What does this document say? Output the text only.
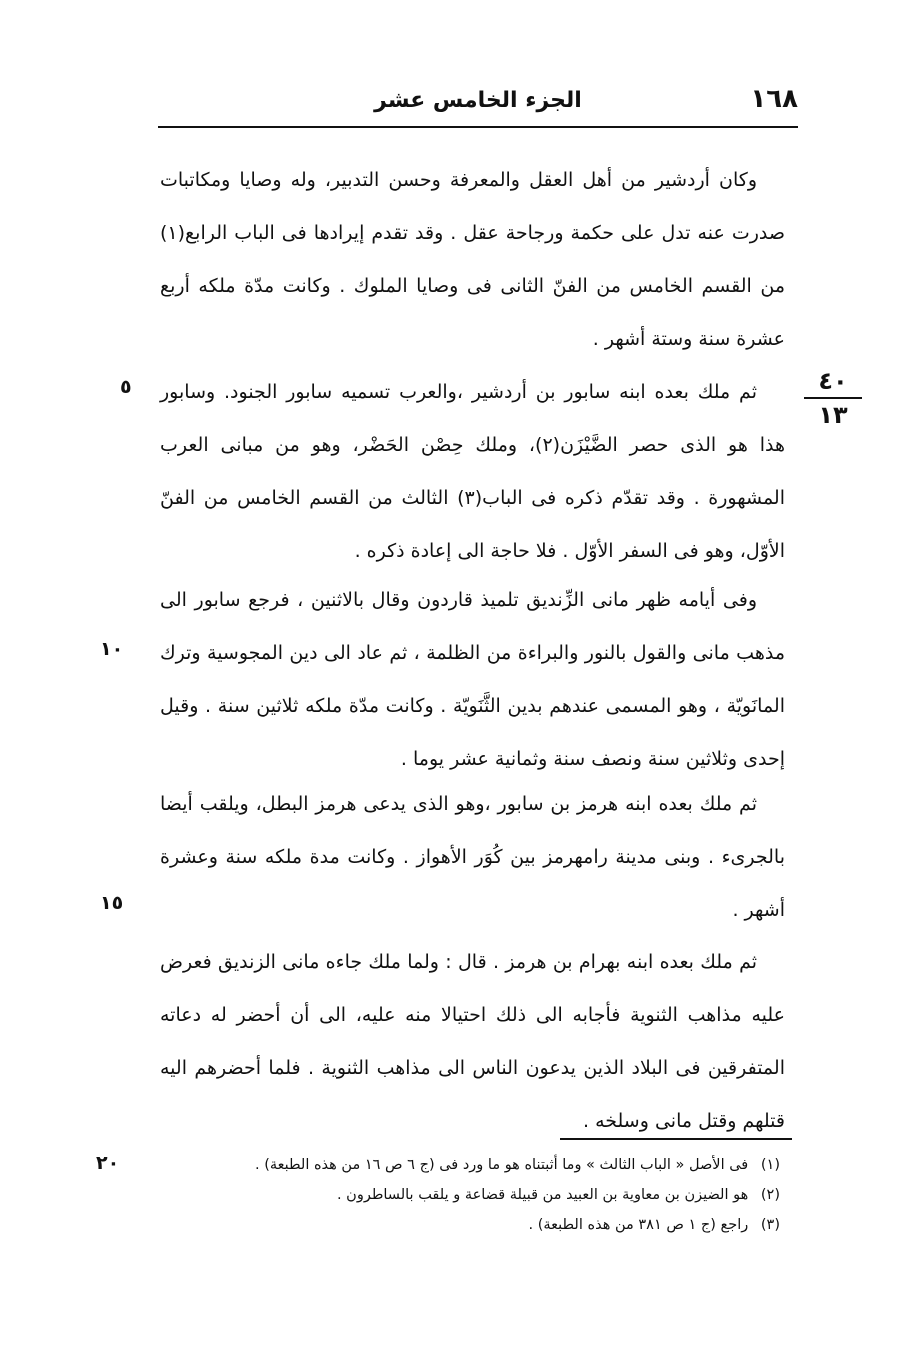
١٦٨
الجزء الخامس عشر
٤٠
١٣
٥
١٠
١٥
٢٠

وكان أردشير من أهل العقل والمعرفة وحسن التدبير، وله وصايا ومكاتبات صدرت عنه تدل على حكمة ورجاحة عقل . وقد تقدم إيرادها فى الباب الرابع(١) من القسم الخامس من الفنّ الثانى فى وصايا الملوك . وكانت مدّة ملكه أربع عشرة سنة وستة أشهر .

ثم ملك بعده ابنه سابور بن أردشير ،والعرب تسميه سابور الجنود. وسابور هذا هو الذى حصر الضَّيْزَن(٢)، وملك حِصْن الحَضْر، وهو من مبانى العرب المشهورة . وقد تقدّم ذكره فى الباب(٣) الثالث من القسم الخامس من الفنّ الأوّل، وهو فى السفر الأوّل . فلا حاجة الى إعادة ذكره .

وفى أيامه ظهر مانى الزِّنديق تلميذ قاردون وقال بالاثنين ، فرجع سابور الى مذهب مانى والقول بالنور والبراءة من الظلمة ، ثم عاد الى دين المجوسية وترك المانَويّة ، وهو المسمى عندهم بدين الثَّنَويّة . وكانت مدّة ملكه ثلاثين سنة . وقيل إحدى وثلاثين سنة ونصف سنة وثمانية عشر يوما .

ثم ملك بعده ابنه هرمز بن سابور ،وهو الذى يدعى هرمز البطل، ويلقب أيضا بالجرىء . وبنى مدينة رامهرمز بين كُوَر الأهواز . وكانت مدة ملكه سنة وعشرة أشهر .

ثم ملك بعده ابنه بهرام بن هرمز . قال : ولما ملك جاءه مانى الزنديق فعرض عليه مذاهب الثنوية فأجابه الى ذلك احتيالا منه عليه، الى أن أحضر له دعاته المتفرقين فى البلاد الذين يدعون الناس الى مذاهب الثنوية . فلما أحضرهم اليه قتلهم وقتل مانى وسلخه .

(١) فى الأصل « الباب الثالث » وما أثبتناه هو ما ورد فى (ج ٦ ص ١٦ من هذه الطبعة) .
(٢) هو الضيزن بن معاوية بن العبيد من قبيلة قضاعة و يلقب بالساطرون .
(٣) راجع (ج ١ ص ٣٨١ من هذه الطبعة) .
